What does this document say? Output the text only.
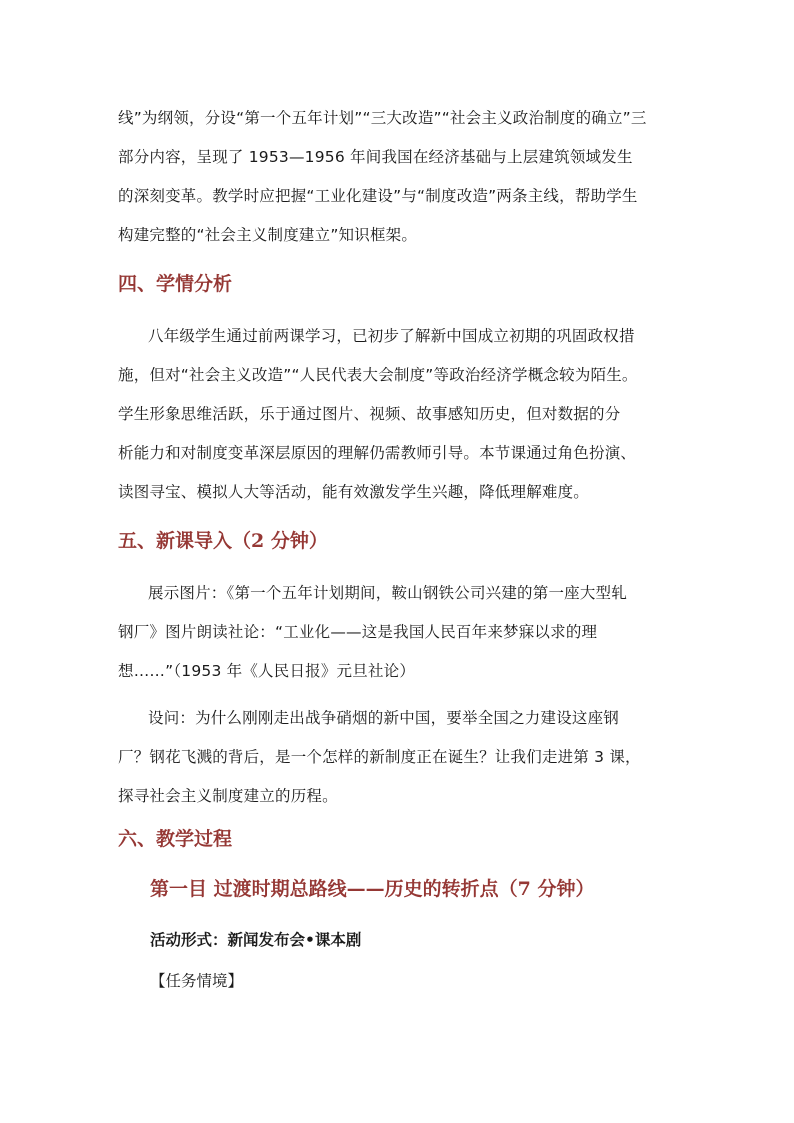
线”为纲领，分设“第一个五年计划”“三大改造”“社会主义政治制度的确立”三
部分内容，呈现了 1953—1956 年间我国在经济基础与上层建筑领域发生
的深刻变革。教学时应把握“工业化建设”与“制度改造”两条主线，帮助学生
构建完整的“社会主义制度建立”知识框架。
四、学情分析
八年级学生通过前两课学习，已初步了解新中国成立初期的巩固政权措
施，但对“社会主义改造”“人民代表大会制度”等政治经济学概念较为陌生。
学生形象思维活跃，乐于通过图片、视频、故事感知历史，但对数据的分
析能力和对制度变革深层原因的理解仍需教师引导。本节课通过角色扮演、
读图寻宝、模拟人大等活动，能有效激发学生兴趣，降低理解难度。
五、新课导入（2 分钟）
展示图片：《第一个五年计划期间，鞍山钢铁公司兴建的第一座大型轧
钢厂》图片朗读社论：“工业化——这是我国人民百年来梦寐以求的理
想……”（1953 年《人民日报》元旦社论）
设问：为什么刚刚走出战争硝烟的新中国，要举全国之力建设这座钢
厂？钢花飞溅的背后，是一个怎样的新制度正在诞生？让我们走进第 3 课，
探寻社会主义制度建立的历程。
六、教学过程
第一目 过渡时期总路线——历史的转折点（7 分钟）
活动形式：新闻发布会•课本剧
【任务情境】
